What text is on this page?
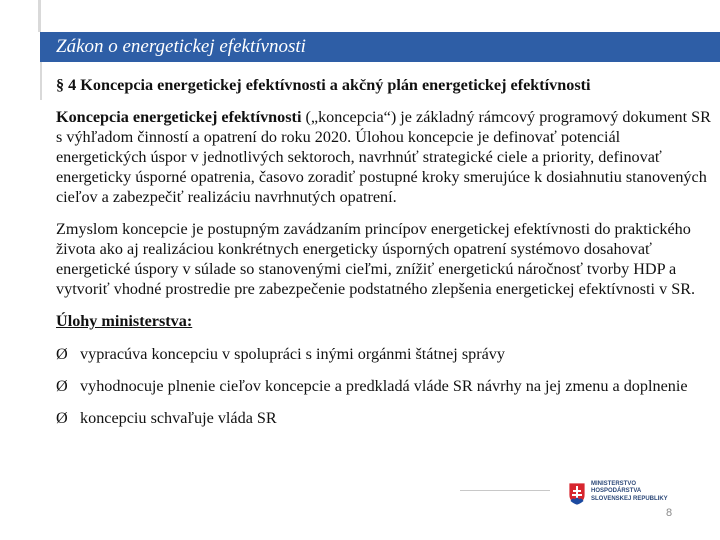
Zákon o energetickej efektívnosti

§ 4 Koncepcia energetickej efektívnosti a akčný plán energetickej efektívnosti

Koncepcia energetickej efektívnosti („koncepcia“) je základný rámcový programový dokument SR s výhľadom činností a opatrení do roku 2020. Úlohou koncepcie je definovať potenciál energetických úspor v jednotlivých sektoroch, navrhnúť strategické ciele a priority, definovať energeticky úsporné opatrenia, časovo zoradiť postupné kroky smerujúce k dosiahnutiu stanovených cieľov a zabezpečiť realizáciu navrhnutých opatrení.

Zmyslom koncepcie je postupným zavádzaním princípov energetickej efektívnosti do praktického života ako aj realizáciou konkrétnych energeticky úsporných opatrení systémovo dosahovať energetické úspory v súlade so stanovenými cieľmi, znížiť energetickú náročnosť tvorby HDP a vytvoriť vhodné prostredie pre zabezpečenie podstatného zlepšenia energetickej efektívnosti v SR.

Úlohy ministerstva:

Ø vypracúva koncepciu v spolupráci s inými orgánmi štátnej správy
Ø vyhodnocuje plnenie cieľov koncepcie a predkladá vláde SR návrhy na jej zmenu a doplnenie
Ø koncepciu schvaľuje vláda SR
MINISTERSTVO
HOSPODÁRSTVA
SLOVENSKEJ REPUBLIKY
8
